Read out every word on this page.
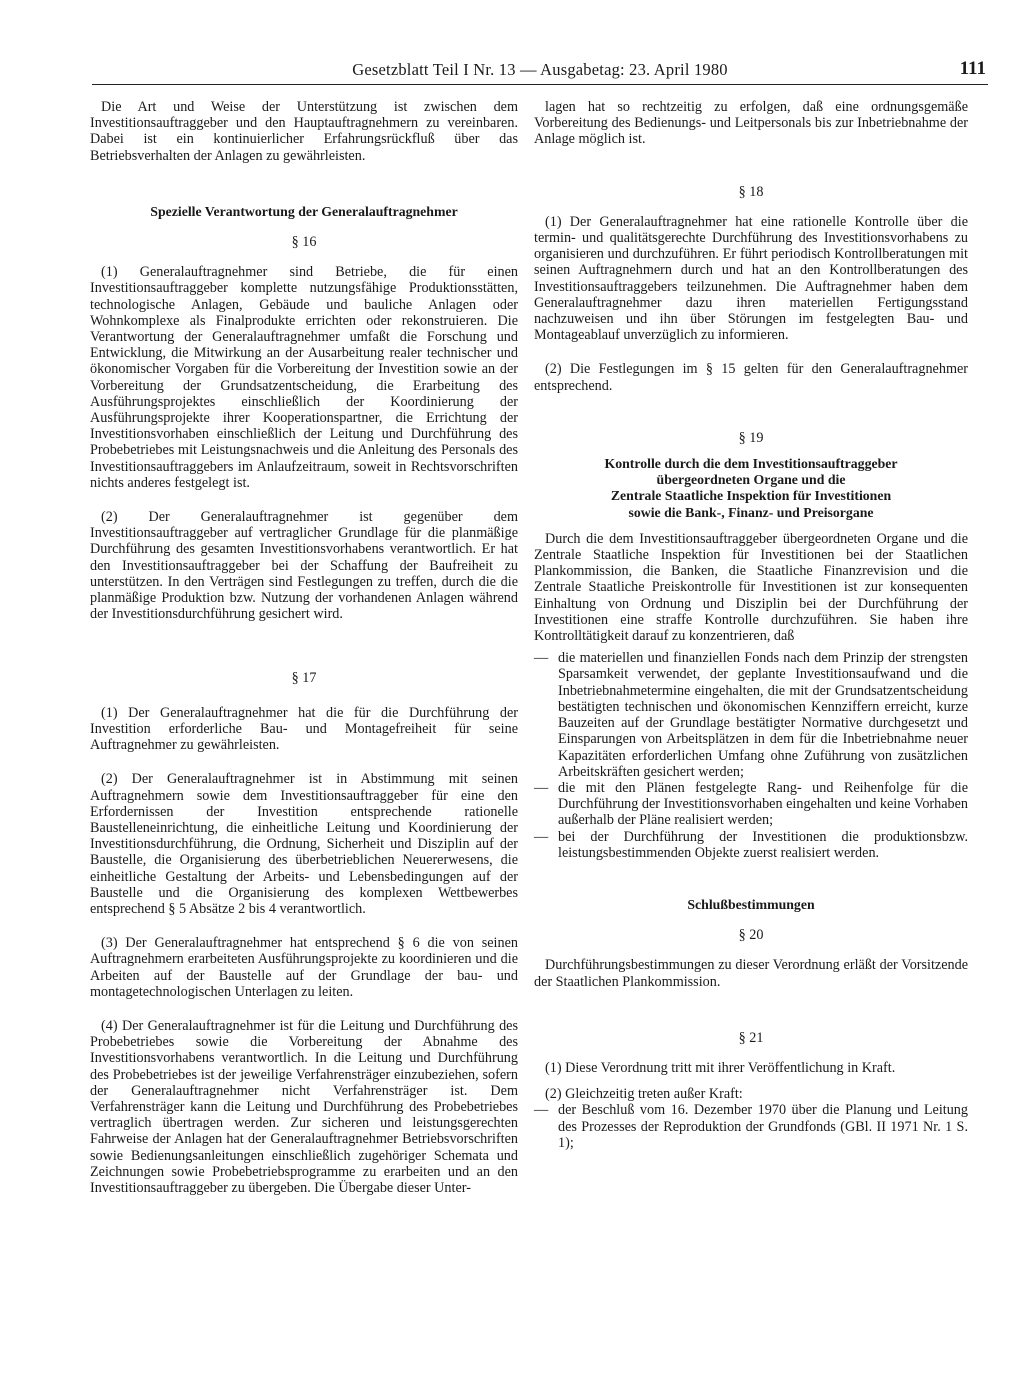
Gesetzblatt Teil I Nr. 13 — Ausgabetag: 23. April 1980	111

Die Art und Weise der Unterstützung ist zwischen dem Investitionsauftraggeber und den Hauptauftragnehmern zu vereinbaren. Dabei ist ein kontinuierlicher Erfahrungsrückfluß über das Betriebsverhalten der Anlagen zu gewährleisten.

Spezielle Verantwortung der Generalauftragnehmer

§ 16

(1) Generalauftragnehmer sind Betriebe, die für einen Investitionsauftraggeber komplette nutzungsfähige Produktionsstätten, technologische Anlagen, Gebäude und bauliche Anlagen oder Wohnkomplexe als Finalprodukte errichten oder rekonstruieren. Die Verantwortung der Generalauftragnehmer umfaßt die Forschung und Entwicklung, die Mitwirkung an der Ausarbeitung realer technischer und ökonomischer Vorgaben für die Vorbereitung der Investition sowie an der Vorbereitung der Grundsatzentscheidung, die Erarbeitung des Ausführungsprojektes einschließlich der Koordinierung der Ausführungsprojekte ihrer Kooperationspartner, die Errichtung der Investitionsvorhaben einschließlich der Leitung und Durchführung des Probebetriebes mit Leistungsnachweis und die Anleitung des Personals des Investitionsauftraggebers im Anlaufzeitraum, soweit in Rechtsvorschriften nichts anderes festgelegt ist.

(2) Der Generalauftragnehmer ist gegenüber dem Investitionsauftraggeber auf vertraglicher Grundlage für die planmäßige Durchführung des gesamten Investitionsvorhabens verantwortlich. Er hat den Investitionsauftraggeber bei der Schaffung der Baufreiheit zu unterstützen. In den Verträgen sind Festlegungen zu treffen, durch die die planmäßige Produktion bzw. Nutzung der vorhandenen Anlagen während der Investitionsdurchführung gesichert wird.

§ 17

(1) Der Generalauftragnehmer hat die für die Durchführung der Investition erforderliche Bau- und Montagefreiheit für seine Auftragnehmer zu gewährleisten.

(2) Der Generalauftragnehmer ist in Abstimmung mit seinen Auftragnehmern sowie dem Investitionsauftraggeber für eine den Erfordernissen der Investition entsprechende rationelle Baustelleneinrichtung, die einheitliche Leitung und Koordinierung der Investitionsdurchführung, die Ordnung, Sicherheit und Disziplin auf der Baustelle, die Organisierung des überbetrieblichen Neuererwesens, die einheitliche Gestaltung der Arbeits- und Lebensbedingungen auf der Baustelle und die Organisierung des komplexen Wettbewerbes entsprechend § 5 Absätze 2 bis 4 verantwortlich.

(3) Der Generalauftragnehmer hat entsprechend § 6 die von seinen Auftragnehmern erarbeiteten Ausführungsprojekte zu koordinieren und die Arbeiten auf der Baustelle auf der Grundlage der bau- und montagetechnologischen Unterlagen zu leiten.

(4) Der Generalauftragnehmer ist für die Leitung und Durchführung des Probebetriebes sowie die Vorbereitung der Abnahme des Investitionsvorhabens verantwortlich. In die Leitung und Durchführung des Probebetriebes ist der jeweilige Verfahrensträger einzubeziehen, sofern der Generalauftragnehmer nicht Verfahrensträger ist. Dem Verfahrensträger kann die Leitung und Durchführung des Probebetriebes vertraglich übertragen werden. Zur sicheren und leistungsgerechten Fahrweise der Anlagen hat der Generalauftragnehmer Betriebsvorschriften sowie Bedienungsanleitungen einschließlich zugehöriger Schemata und Zeichnungen sowie Probebetriebsprogramme zu erarbeiten und an den Investitionsauftraggeber zu übergeben. Die Übergabe dieser Unter-

lagen hat so rechtzeitig zu erfolgen, daß eine ordnungsgemäße Vorbereitung des Bedienungs- und Leitpersonals bis zur Inbetriebnahme der Anlage möglich ist.

§ 18

(1) Der Generalauftragnehmer hat eine rationelle Kontrolle über die termin- und qualitätsgerechte Durchführung des Investitionsvorhabens zu organisieren und durchzuführen. Er führt periodisch Kontrollberatungen mit seinen Auftragnehmern durch und hat an den Kontrollberatungen des Investitionsauftraggebers teilzunehmen. Die Auftragnehmer haben dem Generalauftragnehmer dazu ihren materiellen Fertigungsstand nachzuweisen und ihn über Störungen im festgelegten Bau- und Montageablauf unverzüglich zu informieren.

(2) Die Festlegungen im § 15 gelten für den Generalauftragnehmer entsprechend.

§ 19

Kontrolle durch die dem Investitionsauftraggeber
übergeordneten Organe und die
Zentrale Staatliche Inspektion für Investitionen
sowie die Bank-, Finanz- und Preisorgane

Durch die dem Investitionsauftraggeber übergeordneten Organe und die Zentrale Staatliche Inspektion für Investitionen bei der Staatlichen Plankommission, die Banken, die Staatliche Finanzrevision und die Zentrale Staatliche Preiskontrolle für Investitionen ist zur konsequenten Einhaltung von Ordnung und Disziplin bei der Durchführung der Investitionen eine straffe Kontrolle durchzuführen. Sie haben ihre Kontrolltätigkeit darauf zu konzentrieren, daß

— die materiellen und finanziellen Fonds nach dem Prinzip der strengsten Sparsamkeit verwendet, der geplante Investitionsaufwand und die Inbetriebnahmetermine eingehalten, die mit der Grundsatzentscheidung bestätigten technischen und ökonomischen Kennziffern erreicht, kurze Bauzeiten auf der Grundlage bestätigter Normative durchgesetzt und Einsparungen von Arbeitsplätzen in dem für die Inbetriebnahme neuer Kapazitäten erforderlichen Umfang ohne Zuführung von zusätzlichen Arbeitskräften gesichert werden;
— die mit den Plänen festgelegte Rang- und Reihenfolge für die Durchführung der Investitionsvorhaben eingehalten und keine Vorhaben außerhalb der Pläne realisiert werden;
— bei der Durchführung der Investitionen die produktionsbzw. leistungsbestimmenden Objekte zuerst realisiert werden.

Schlußbestimmungen

§ 20

Durchführungsbestimmungen zu dieser Verordnung erläßt der Vorsitzende der Staatlichen Plankommission.

§ 21

(1) Diese Verordnung tritt mit ihrer Veröffentlichung in Kraft.

(2) Gleichzeitig treten außer Kraft:

— der Beschluß vom 16. Dezember 1970 über die Planung und Leitung des Prozesses der Reproduktion der Grundfonds (GBl. II 1971 Nr. 1 S. 1);
